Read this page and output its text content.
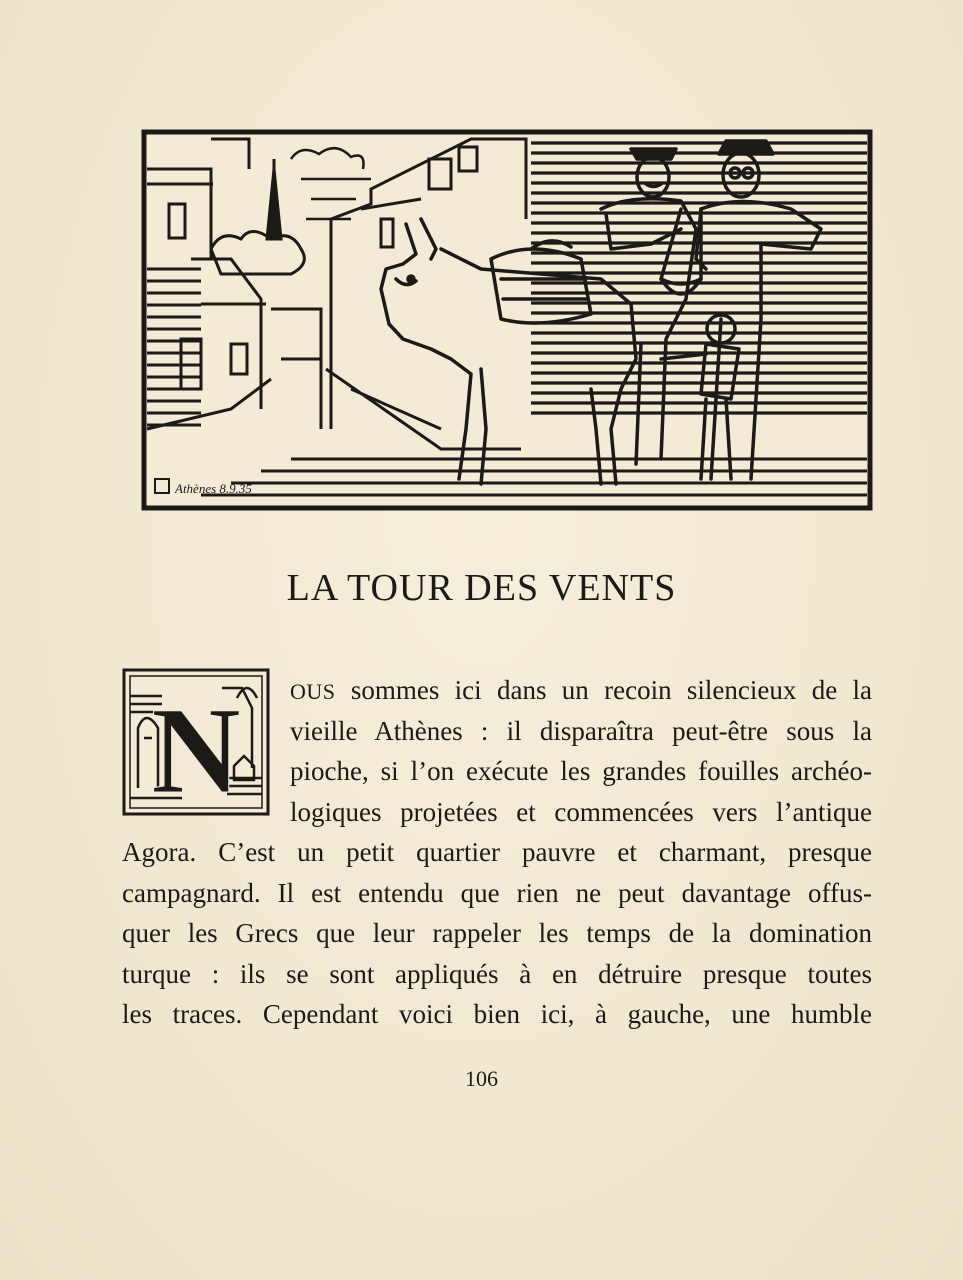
Athènes 8.9.35
LA TOUR DES VENTS
N	OUS sommes ici dans un recoin silencieux de la
vieille Athènes : il disparaîtra peut-être sous la
pioche, si l’on exécute les grandes fouilles archéo-
logiques projetées et commencées vers l’antique
Agora. C’est un petit quartier pauvre et charmant, presque
campagnard. Il est entendu que rien ne peut davantage offus-
quer les Grecs que leur rappeler les temps de la domination
turque : ils se sont appliqués à en détruire presque toutes
les traces. Cependant voici bien ici, à gauche, une humble
106
